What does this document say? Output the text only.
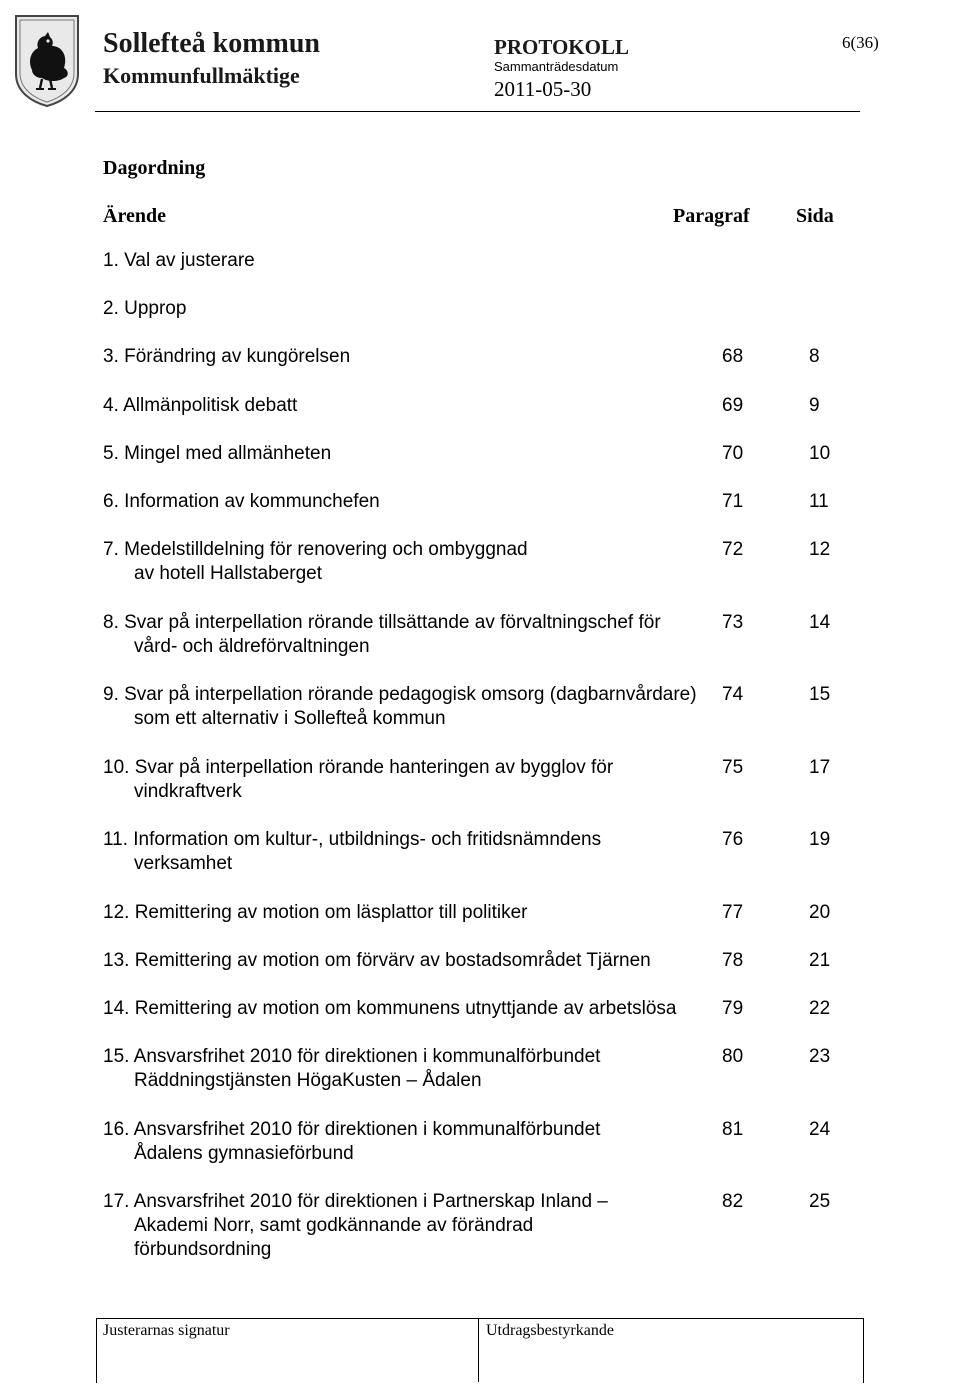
Sollefteå kommun
Kommunfullmäktige
PROTOKOLL
Sammanträdesdatum
2011-05-30
6(36)
Dagordning
Ärende	Paragraf Sida
1. Val av justerare
2. Upprop
3. Förändring av kungörelsen	68	8
4. Allmänpolitisk debatt	69	9
5. Mingel med allmänheten	70	10
6. Information av kommunchefen	71	11
7. Medelstilldelning för renovering och ombyggnad
av hotell Hallstaberget
72	12
8. Svar på interpellation rörande tillsättande av förvaltningschef för
vård- och äldreförvaltningen
73	14
9. Svar på interpellation rörande pedagogisk omsorg (dagbarnvårdare)
som ett alternativ i Sollefteå kommun
74	15
10. Svar på interpellation rörande hanteringen av bygglov för
vindkraftverk
75	17
11. Information om kultur-, utbildnings- och fritidsnämndens
verksamhet
76	19
12. Remittering av motion om läsplattor till politiker	77	20
13. Remittering av motion om förvärv av bostadsområdet Tjärnen	78	21
14. Remittering av motion om kommunens utnyttjande av arbetslösa 79	22
15. Ansvarsfrihet 2010 för direktionen i kommunalförbundet
Räddningstjänsten HögaKusten – Ådalen
80	23
16. Ansvarsfrihet 2010 för direktionen i kommunalförbundet
Ådalens gymnasieförbund
81	24
17. Ansvarsfrihet 2010 för direktionen i Partnerskap Inland –
Akademi Norr, samt godkännande av förändrad
förbundsordning
82	25
Justerarnas signatur	Utdragsbestyrkande
